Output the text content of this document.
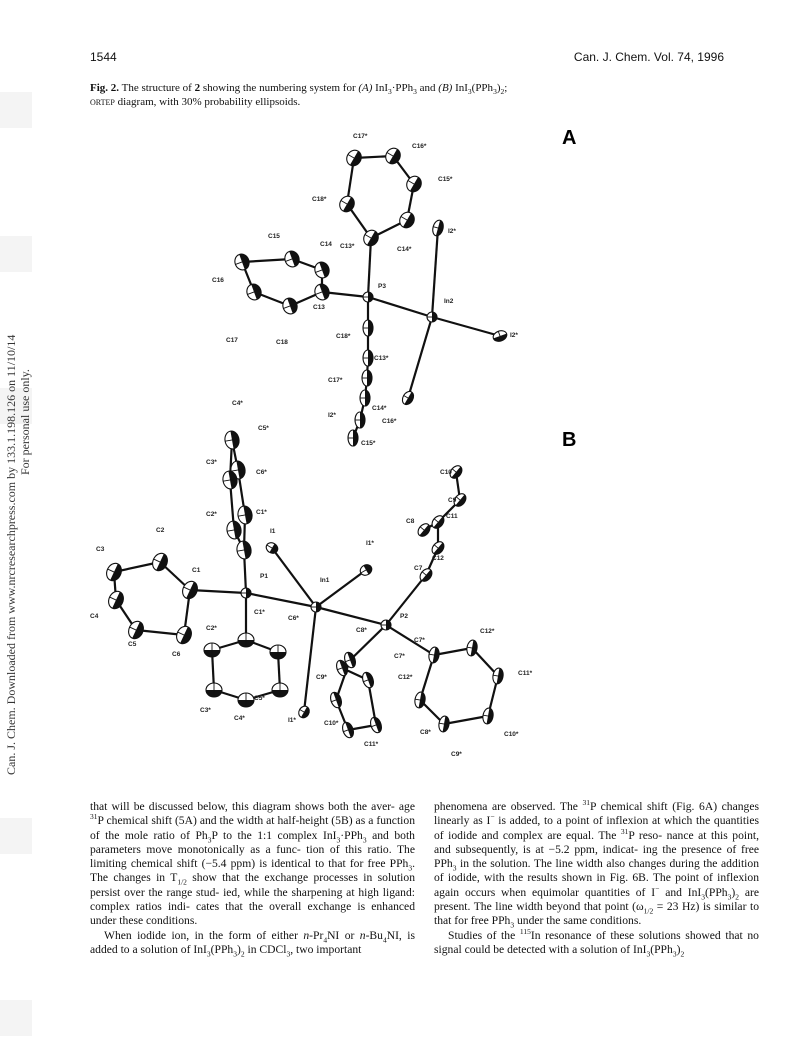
1544	Can. J. Chem. Vol. 74, 1996
Fig. 2. The structure of 2 showing the numbering system for (A) InI$_3$·PPh$_3$ and (B) $InI_3(PPh_3)_2$;
ortep diagram, with 30% probability ellipsoids.
Can. J. Chem. Downloaded from www.nrcresearchpress.com by 133.1.198.126 on 11/10/14 For personal use only.
A
B
C17*
C16*
C15*
C18*
C14 C13*	C14*
I2*
C15
C16
P3
C13
In2
I2*
C17	C18
C18*
C13*
C17*
C14*
I2*
C16*
C15*
C4*
C5*
C3*
C6*	C10
C9
C2*	C1*
C11
C8
I1
I1*
C2
C3
C12
C7
C1
P1
In1
C4
C1*
C6*	P2
C12*
C2*	C8*
C7*
C5
C6	C7*
C11*
C9*	C12*
C5*
C3*
C4*	I1*	C10*
C8*	C10*
C11*
C9*

that will be discussed below, this diagram shows both the aver- age $^{31}$P chemical shift (5A) and the width at half-height (5B) as a function of the mole ratio of $Ph_3P$ to the 1:1 complex InI$_3$·PPh$_3$ and both parameters move monotonically as a func- tion of this ratio. The limiting chemical shift (−5.4 ppm) is identical to that for free PPh$_3$. The changes in $T_{1/2}$ show that the exchange processes in solution persist over the range stud- ied, while the sharpening at high ligand: complex ratios indi- cates that the overall exchange is enhanced under these conditions.

When iodide ion, in the form of either $n-Pr_4NI$ or $n-Bu_4NI$, is added to a solution of $InI_3(PPh_3)_2$ in CDCl$_3$, two important

phenomena are observed. The $^{31}$P chemical shift (Fig. 6A) changes linearly as I− is added, to a point of inflexion at which the quantities of iodide and complex are equal. The $^{31}$P reso- nance at this point, and subsequently, is at −5.2 ppm, indicat- ing the presence of free PPh$_3$ in the solution. The line width also changes during the addition of iodide, with the results shown in Fig. 6B. The point of inflexion again occurs when equimolar quantities of I− and $InI_3(PPh_3)_2$ are present. The line width beyond that point ($\omega_{1/2} = 23$ Hz) is similar to that for free PPh$_3$ under the same conditions.

Studies of the $^{115}$In resonance of these solutions showed that no signal could be detected with a solution of $InI_3(PPh_3)_2$
